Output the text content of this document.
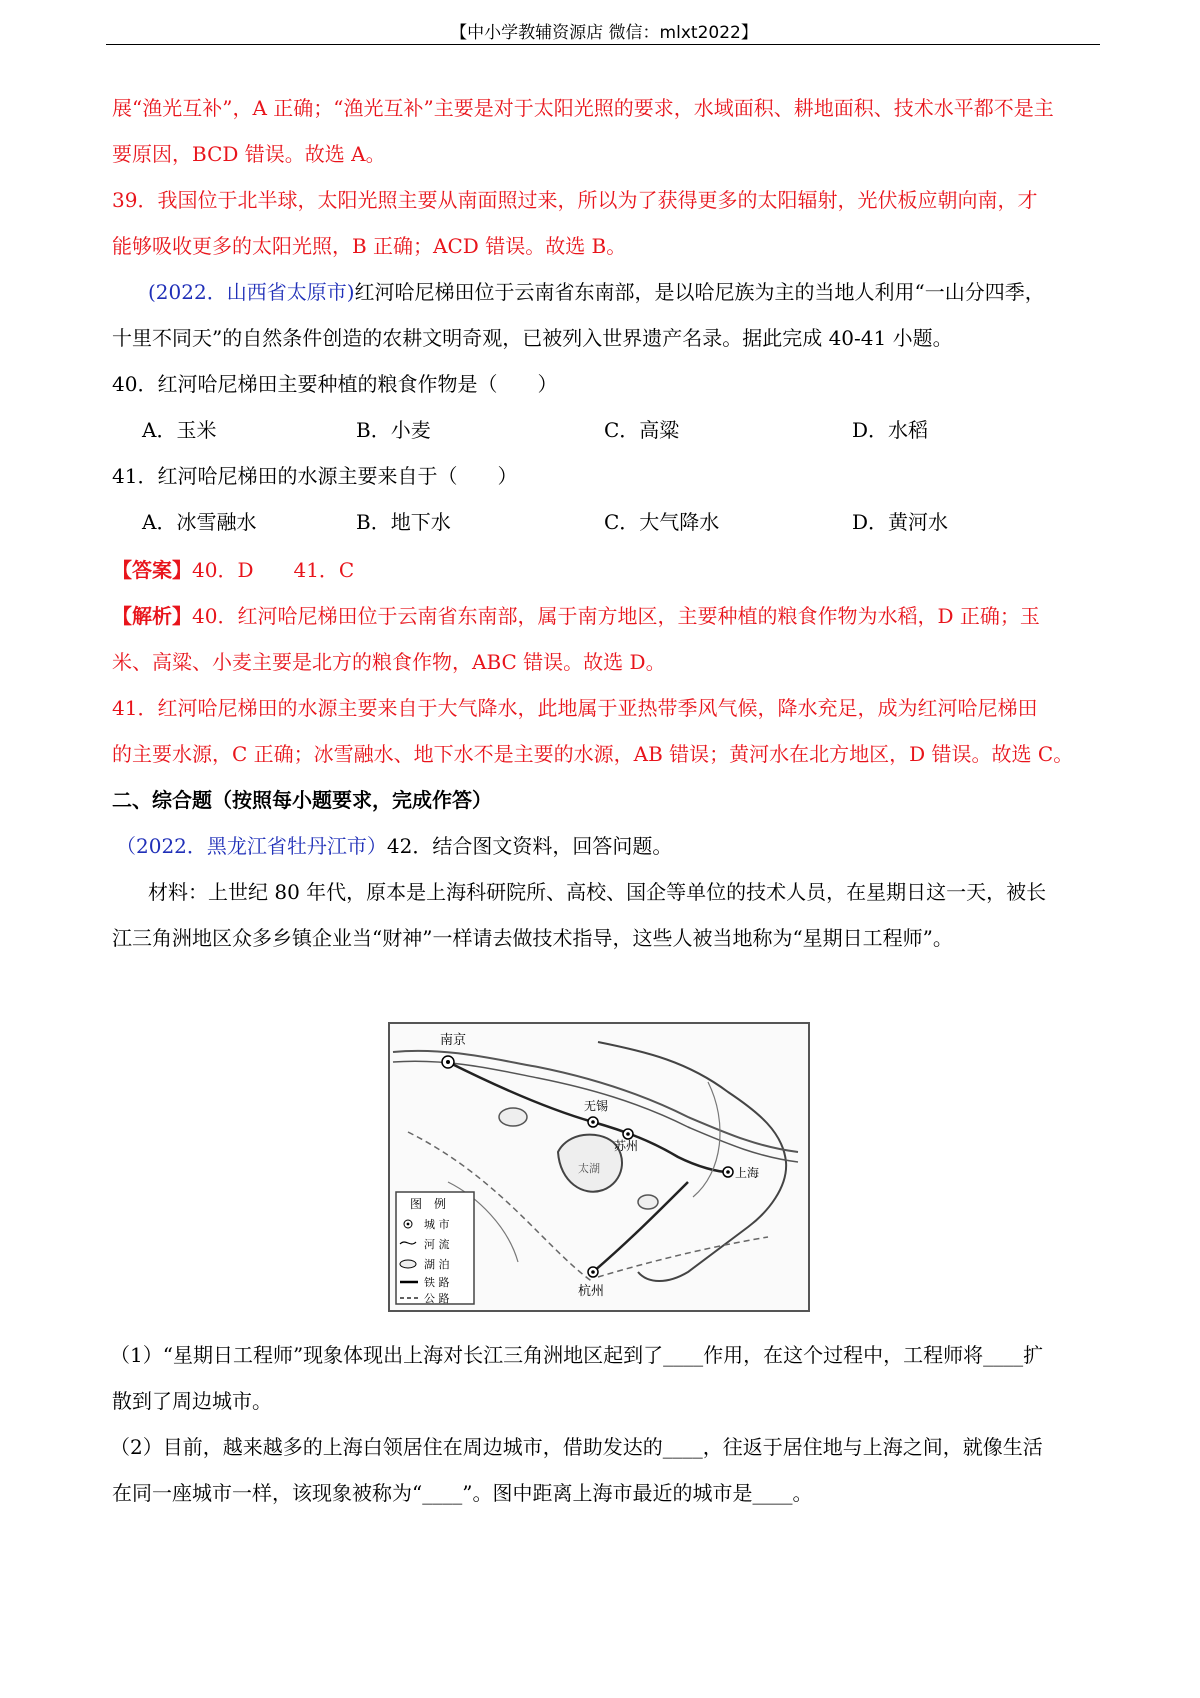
【中小学教辅资源店 微信：mlxt2022】
展“渔光互补”，A 正确；“渔光互补”主要是对于太阳光照的要求，水域面积、耕地面积、技术水平都不是主
要原因，BCD 错误。故选 A。
39．我国位于北半球，太阳光照主要从南面照过来，所以为了获得更多的太阳辐射，光伏板应朝向南，才
能够吸收更多的太阳光照，B 正确；ACD 错误。故选 B。
(2022．山西省太原市)红河哈尼梯田位于云南省东南部，是以哈尼族为主的当地人利用“一山分四季，
十里不同天”的自然条件创造的农耕文明奇观，已被列入世界遗产名录。据此完成 40-41 小题。
40．红河哈尼梯田主要种植的粮食作物是（　　）
A．玉米	B．小麦	C．高粱	D．水稻
41．红河哈尼梯田的水源主要来自于（　　）
A．冰雪融水	B．地下水	C．大气降水	D．黄河水
【答案】40．D　　41．C
【解析】40．红河哈尼梯田位于云南省东南部，属于南方地区，主要种植的粮食作物为水稻，D 正确；玉
米、高粱、小麦主要是北方的粮食作物，ABC 错误。故选 D。
41．红河哈尼梯田的水源主要来自于大气降水，此地属于亚热带季风气候，降水充足，成为红河哈尼梯田
的主要水源，C 正确；冰雪融水、地下水不是主要的水源，AB 错误；黄河水在北方地区，D 错误。故选 C。
二、综合题（按照每小题要求，完成作答）
（2022．黑龙江省牡丹江市）42．结合图文资料，回答问题。
材料：上世纪 80 年代，原本是上海科研院所、高校、国企等单位的技术人员，在星期日这一天，被长
江三角洲地区众多乡镇企业当“财神”一样请去做技术指导，这些人被当地称为“星期日工程师”。
南京
无锡
苏州
上海
杭州
太湖
图　例
城 市
河 流
湖 泊
铁 路
公 路
（1）“星期日工程师”现象体现出上海对长江三角洲地区起到了____作用，在这个过程中，工程师将____扩
散到了周边城市。
（2）目前，越来越多的上海白领居住在周边城市，借助发达的____，往返于居住地与上海之间，就像生活
在同一座城市一样，该现象被称为“____”。图中距离上海市最近的城市是____。
